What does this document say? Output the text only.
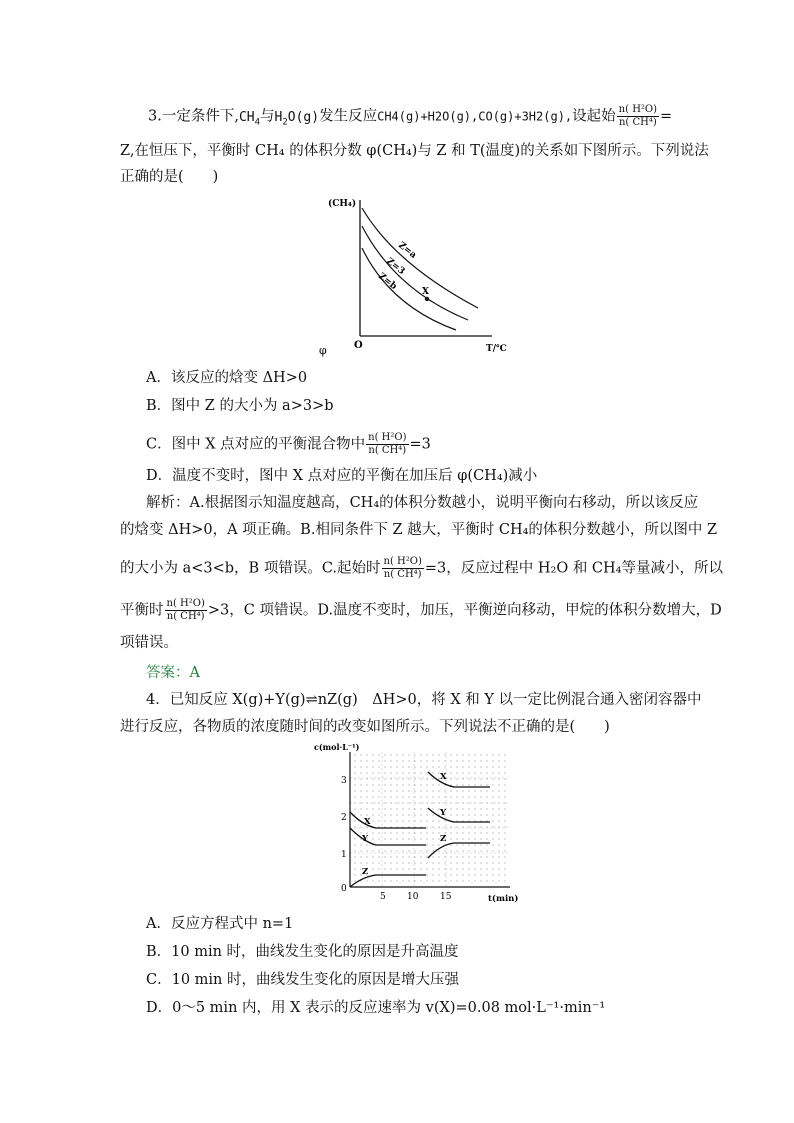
3.一定条件下$,CH_4$与$H_2O(g)$发生反应CH4(g)+H2O(g),CO(g)+3H2(g),设起始 $\frac{\text{n( H²O)}}{\text{n( CH⁴)}}$ =
Z,在恒压下，平衡时 CH₄ 的体积分数 φ(CH₄)与 Z 和 T(温度)的关系如下图所示。下列说法
正确的是(　　)
(CH₄)
O	T/℃
φ
Z=a
Z=3
Z=b
X
A．该反应的焓变 ΔH>0
B．图中 Z 的大小为 a>3>b
C．图中 X 点对应的平衡混合物中 $\frac{\text{n( H²O)}}{\text{n( CH⁴)}} =3$
D．温度不变时，图中 X 点对应的平衡在加压后 φ(CH₄)减小
解析：A.根据图示知温度越高，CH₄的体积分数越小，说明平衡向右移动，所以该反应
的焓变 ΔH>0，A 项正确。B.相同条件下 Z 越大，平衡时 CH₄的体积分数越小，所以图中 Z
的大小为 a<3<b，B 项错误。C.起始时 $\frac{\text{n( H²O)}}{\text{n( CH⁴)}} =3$，反应过程中 H₂O 和 CH₄等量减小，所以
平衡时 $\frac{\text{n( H²O)}}{\text{n( CH⁴)}} >3$，C 项错误。D.温度不变时，加压，平衡逆向移动，甲烷的体积分数增大，D
项错误。
答案：A
4．已知反应 X(g)+Y(g)⇌nZ(g)　ΔH>0，将 X 和 Y 以一定比例混合通入密闭容器中
进行反应，各物质的浓度随时间的改变如图所示。下列说法不正确的是(　　)
c(mol·L⁻¹)
t(min)
0
1
2
3
5 10 15
X
Y
Z
X
Y
Z
A．反应方程式中 n=1
B．10 min 时，曲线发生变化的原因是升高温度
C．10 min 时，曲线发生变化的原因是增大压强
D．0～5 min 内，用 X 表示的反应速率为 v(X)=0.08 mol·L⁻¹·min⁻¹
